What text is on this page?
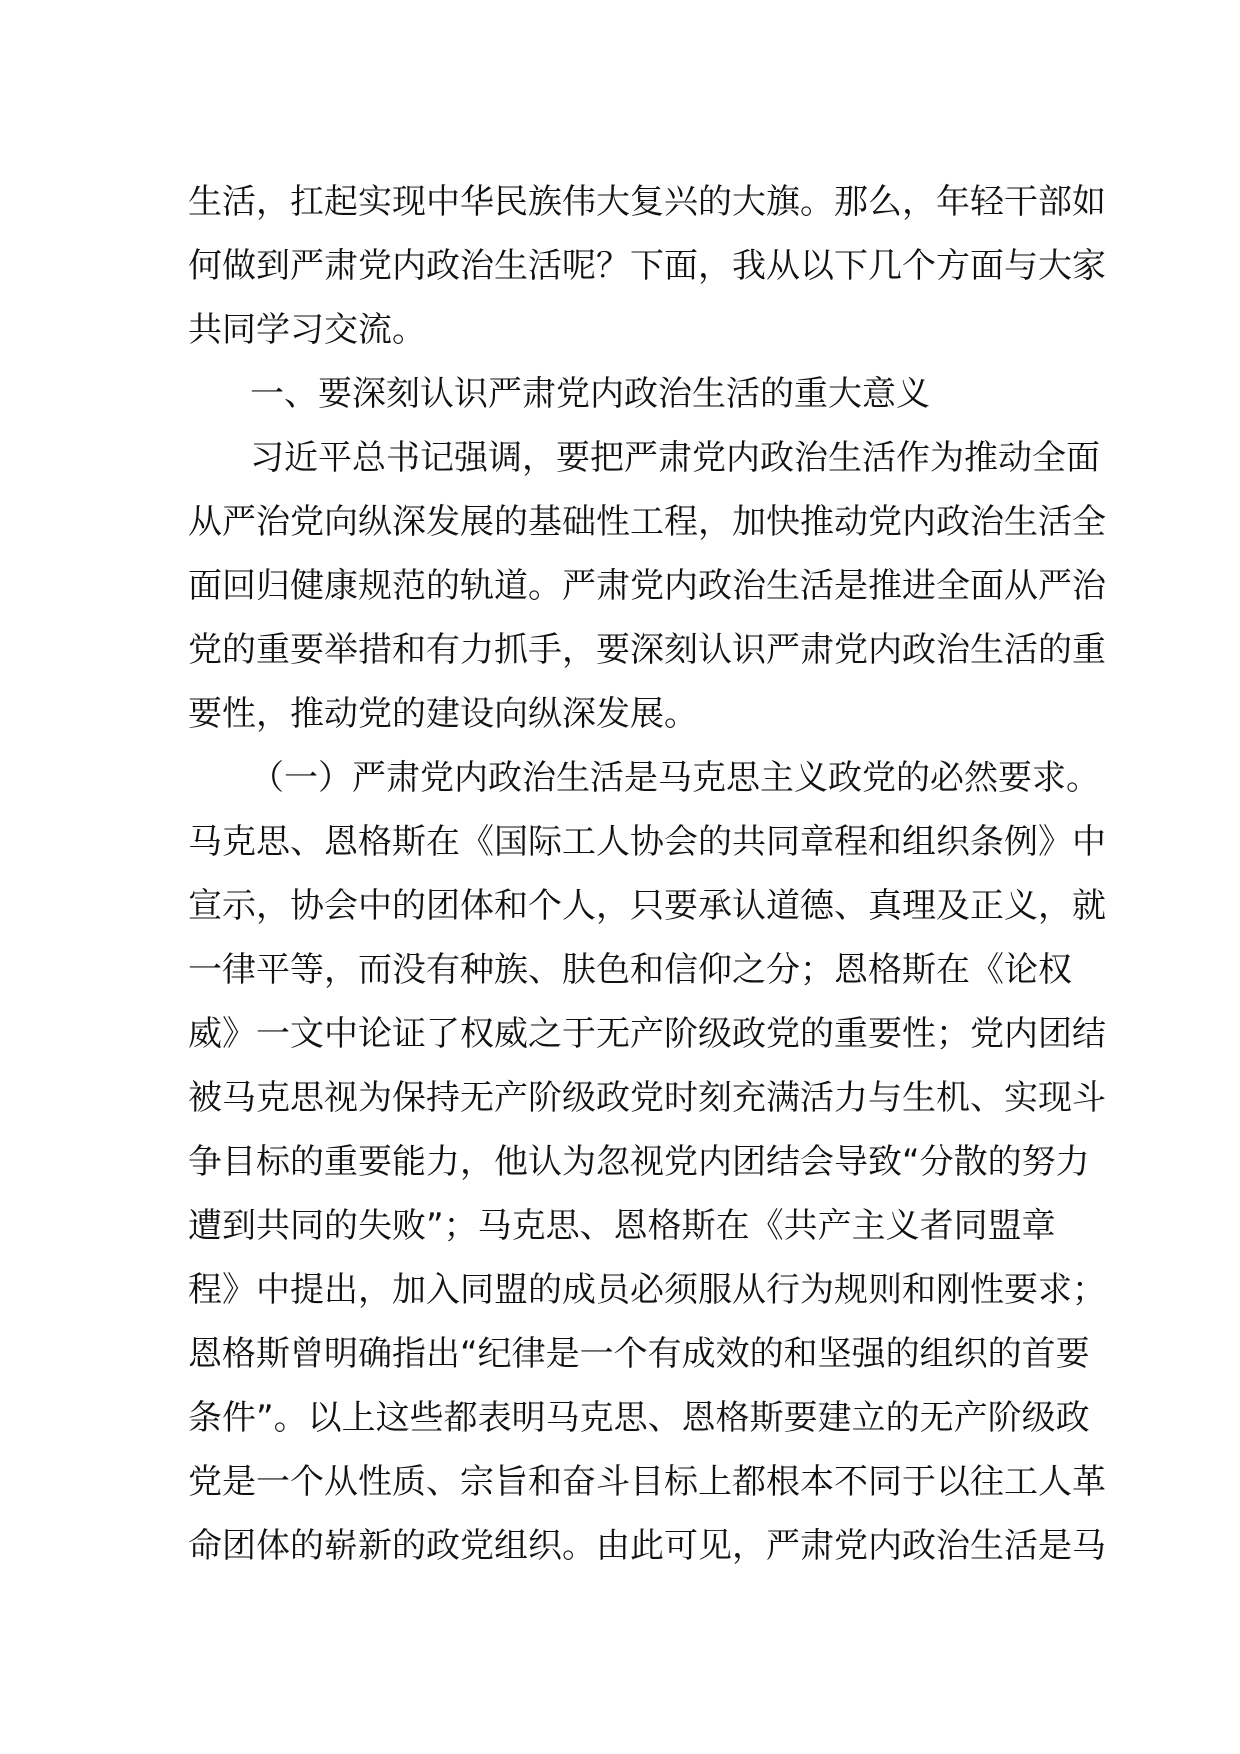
生活，扛起实现中华民族伟大复兴的大旗。那么，年轻干部如
何做到严肃党内政治生活呢？下面，我从以下几个方面与大家
共同学习交流。
一、要深刻认识严肃党内政治生活的重大意义
习近平总书记强调，要把严肃党内政治生活作为推动全面
从严治党向纵深发展的基础性工程，加快推动党内政治生活全
面回归健康规范的轨道。严肃党内政治生活是推进全面从严治
党的重要举措和有力抓手，要深刻认识严肃党内政治生活的重
要性，推动党的建设向纵深发展。
（一）严肃党内政治生活是马克思主义政党的必然要求。
马克思、恩格斯在《国际工人协会的共同章程和组织条例》中
宣示，协会中的团体和个人，只要承认道德、真理及正义，就
一律平等，而没有种族、肤色和信仰之分；恩格斯在《论权
威》一文中论证了权威之于无产阶级政党的重要性；党内团结
被马克思视为保持无产阶级政党时刻充满活力与生机、实现斗
争目标的重要能力，他认为忽视党内团结会导致“分散的努力
遭到共同的失败”；马克思、恩格斯在《共产主义者同盟章
程》中提出，加入同盟的成员必须服从行为规则和刚性要求；
恩格斯曾明确指出“纪律是一个有成效的和坚强的组织的首要
条件”。以上这些都表明马克思、恩格斯要建立的无产阶级政
党是一个从性质、宗旨和奋斗目标上都根本不同于以往工人革
命团体的崭新的政党组织。由此可见，严肃党内政治生活是马
